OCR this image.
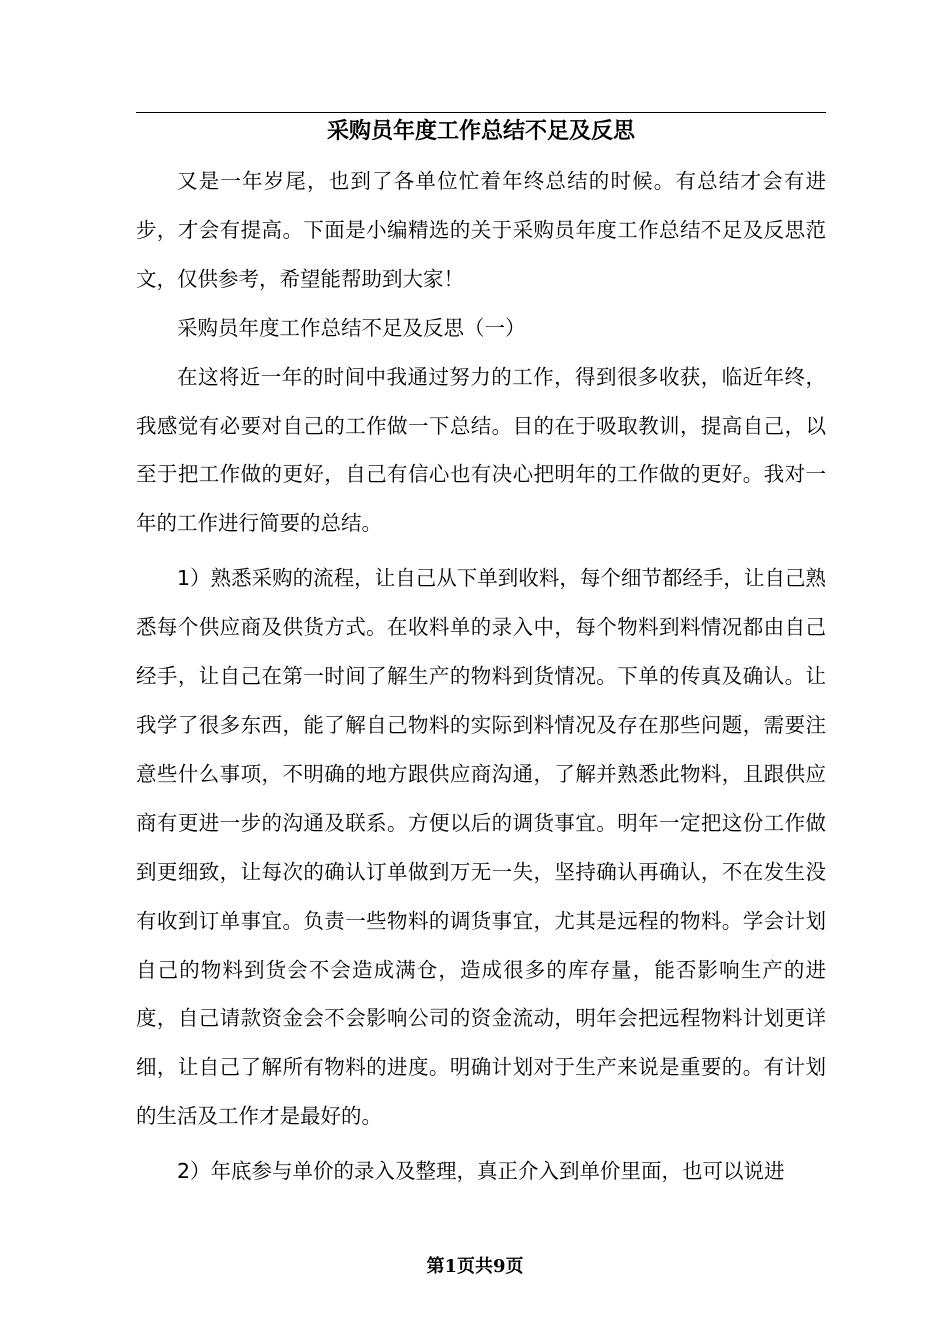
采购员年度工作总结不足及反思

又是一年岁尾，也到了各单位忙着年终总结的时候。有总结才会有进步，才会有提高。下面是小编精选的关于采购员年度工作总结不足及反思范文，仅供参考，希望能帮助到大家！

采购员年度工作总结不足及反思（一）

在这将近一年的时间中我通过努力的工作，得到很多收获，临近年终，我感觉有必要对自己的工作做一下总结。目的在于吸取教训，提高自己，以至于把工作做的更好，自己有信心也有决心把明年的工作做的更好。我对一年的工作进行简要的总结。

1）熟悉采购的流程，让自己从下单到收料，每个细节都经手，让自己熟悉每个供应商及供货方式。在收料单的录入中，每个物料到料情况都由自己经手，让自己在第一时间了解生产的物料到货情况。下单的传真及确认。让我学了很多东西，能了解自己物料的实际到料情况及存在那些问题，需要注意些什么事项，不明确的地方跟供应商沟通，了解并熟悉此物料，且跟供应商有更进一步的沟通及联系。方便以后的调货事宜。明年一定把这份工作做到更细致，让每次的确认订单做到万无一失，坚持确认再确认，不在发生没有收到订单事宜。负责一些物料的调货事宜，尤其是远程的物料。学会计划自己的物料到货会不会造成满仓，造成很多的库存量，能否影响生产的进度，自己请款资金会不会影响公司的资金流动，明年会把远程物料计划更详细，让自己了解所有物料的进度。明确计划对于生产来说是重要的。有计划的生活及工作才是最好的。

2）年底参与单价的录入及整理，真正介入到单价里面，也可以说进

第1页共9页
